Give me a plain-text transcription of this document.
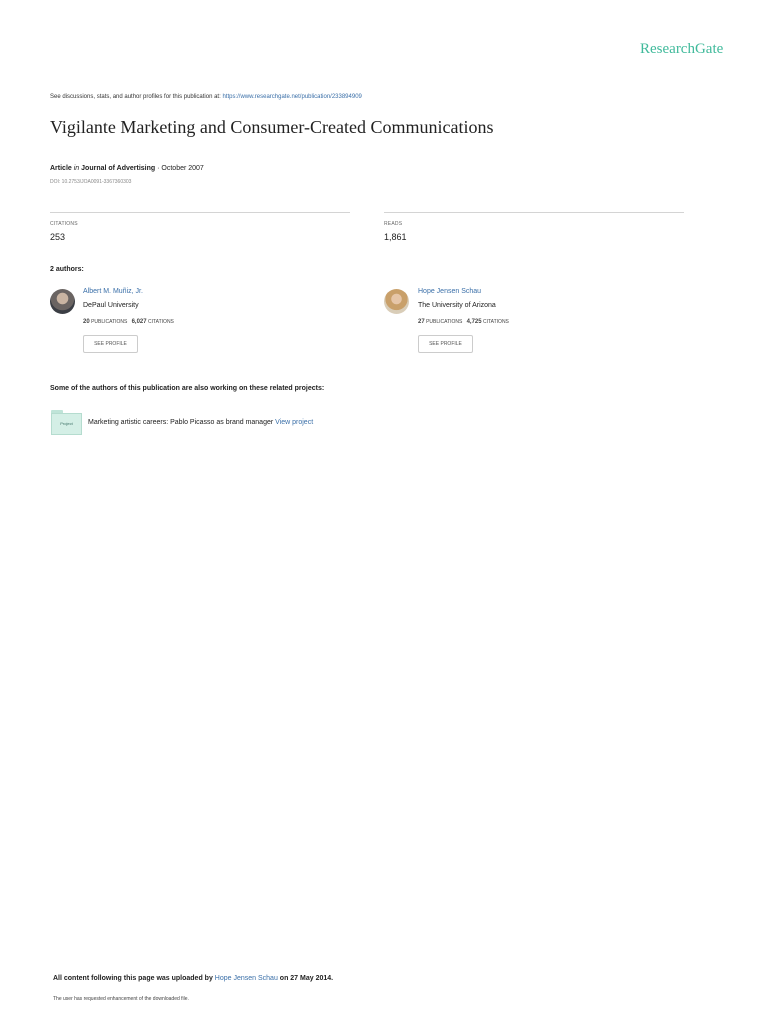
ResearchGate
See discussions, stats, and author profiles for this publication at: https://www.researchgate.net/publication/233894909
Vigilante Marketing and Consumer-Created Communications
Article in Journal of Advertising · October 2007
DOI: 10.2753/JOA0091-3367360303
CITATIONS
253
READS
1,861
2 authors:
Albert M. Muñiz, Jr.
DePaul University
20 PUBLICATIONS 6,027 CITATIONS
SEE PROFILE
Hope Jensen Schau
The University of Arizona
27 PUBLICATIONS 4,725 CITATIONS
SEE PROFILE
Some of the authors of this publication are also working on these related projects:
Project	Marketing artistic careers: Pablo Picasso as brand manager View project
All content following this page was uploaded by Hope Jensen Schau on 27 May 2014.
The user has requested enhancement of the downloaded file.
